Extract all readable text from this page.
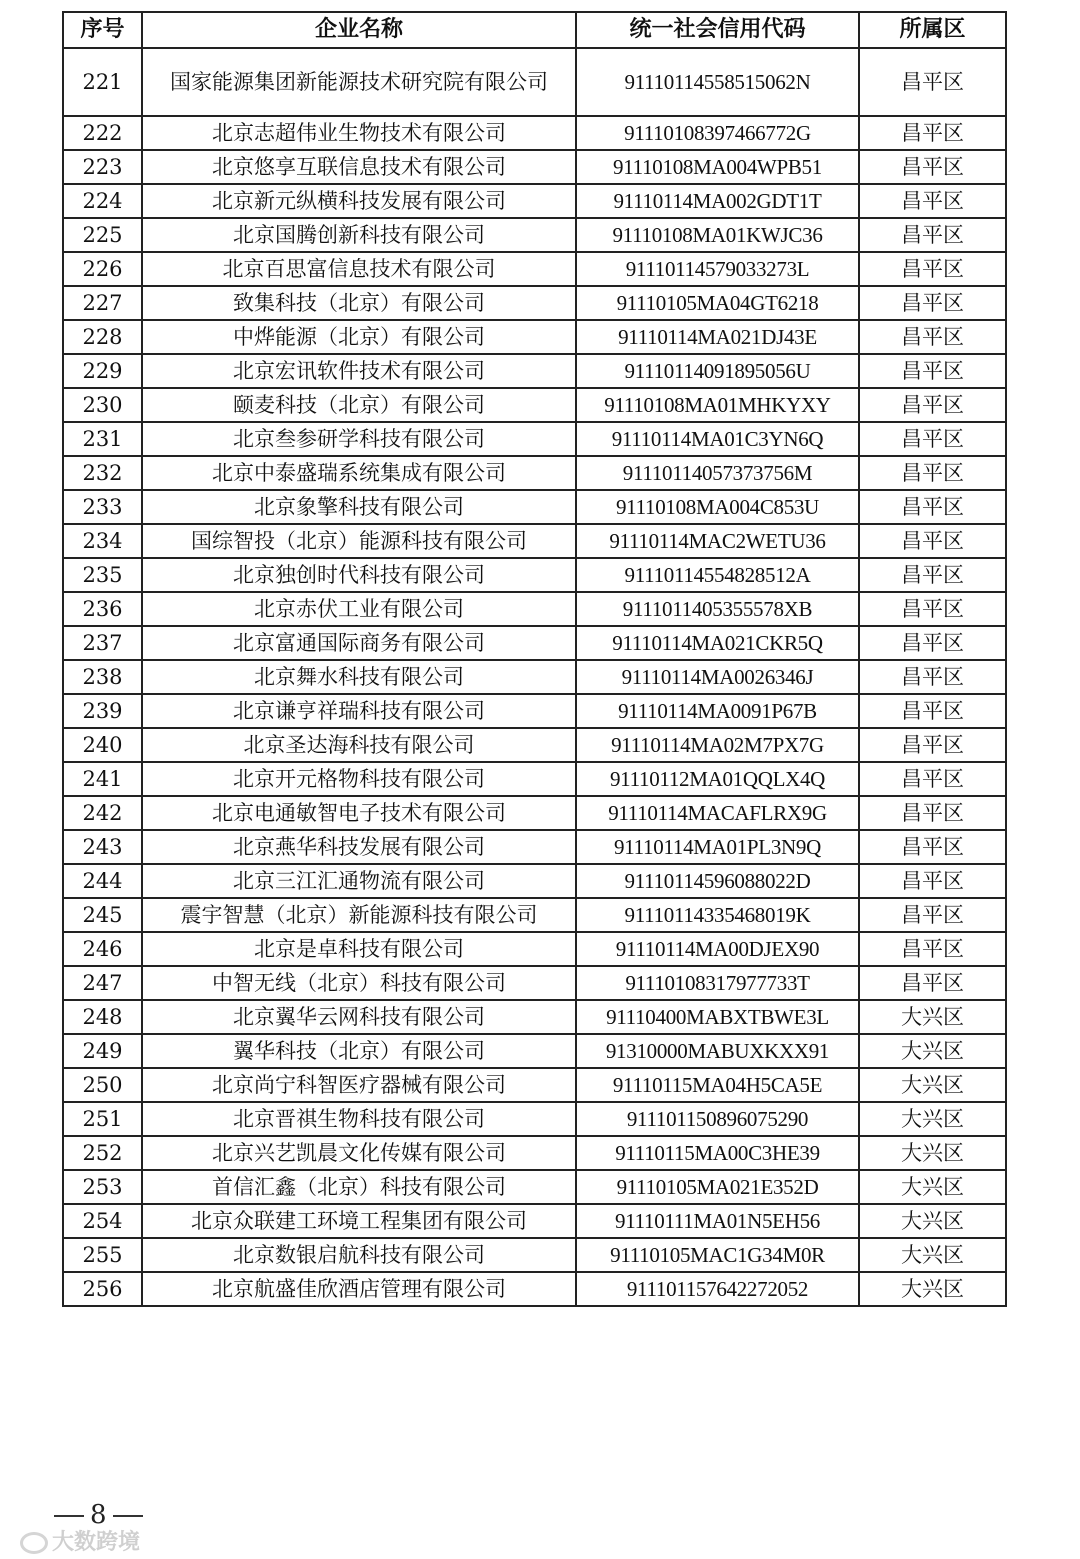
序号	企业名称	统一社会信用代码	所属区
221	国家能源集团新能源技术研究院有限公司	91110114558515062N	昌平区
222	北京志超伟业生物技术有限公司	91110108397466772G	昌平区
223	北京悠享互联信息技术有限公司	91110108MA004WPB51	昌平区
224	北京新元纵横科技发展有限公司	91110114MA002GDT1T	昌平区
225	北京国腾创新科技有限公司	91110108MA01KWJC36	昌平区
226	北京百思富信息技术有限公司	91110114579033273L	昌平区
227	致集科技（北京）有限公司	91110105MA04GT6218	昌平区
228	中烨能源（北京）有限公司	91110114MA021DJ43E	昌平区
229	北京宏讯软件技术有限公司	91110114091895056U	昌平区
230	颐麦科技（北京）有限公司	91110108MA01MHKYXY	昌平区
231	北京叁参研学科技有限公司	91110114MA01C3YN6Q	昌平区
232	北京中泰盛瑞系统集成有限公司	91110114057373756M	昌平区
233	北京象擎科技有限公司	91110108MA004C853U	昌平区
234	国综智投（北京）能源科技有限公司	91110114MAC2WETU36	昌平区
235	北京独创时代科技有限公司	91110114554828512A	昌平区
236	北京赤伏工业有限公司	9111011405355578XB	昌平区
237	北京富通国际商务有限公司	91110114MA021CKR5Q	昌平区
238	北京舞水科技有限公司	91110114MA0026346J	昌平区
239	北京谦亨祥瑞科技有限公司	91110114MA0091P67B	昌平区
240	北京圣达海科技有限公司	91110114MA02M7PX7G	昌平区
241	北京开元格物科技有限公司	91110112MA01QQLX4Q	昌平区
242	北京电通敏智电子技术有限公司	91110114MACAFLRX9G	昌平区
243	北京燕华科技发展有限公司	91110114MA01PL3N9Q	昌平区
244	北京三江汇通物流有限公司	91110114596088022D	昌平区
245	震宇智慧（北京）新能源科技有限公司	91110114335468019K	昌平区
246	北京是卓科技有限公司	91110114MA00DJEX90	昌平区
247	中智无线（北京）科技有限公司	91110108317977733T	昌平区
248	北京翼华云网科技有限公司	91110400MABXTBWE3L	大兴区
249	翼华科技（北京）有限公司	91310000MABUXKXX91	大兴区
250	北京尚宁科智医疗器械有限公司	91110115MA04H5CA5E	大兴区
251	北京晋祺生物科技有限公司	911101150896075290	大兴区
252	北京兴艺凯晨文化传媒有限公司	91110115MA00C3HE39	大兴区
253	首信汇鑫（北京）科技有限公司	91110105MA021E352D	大兴区
254	北京众联建工环境工程集团有限公司	91110111MA01N5EH56	大兴区
255	北京数银启航科技有限公司	91110105MAC1G34M0R	大兴区
256	北京航盛佳欣酒店管理有限公司	911101157642272052	大兴区
8
大数跨境
